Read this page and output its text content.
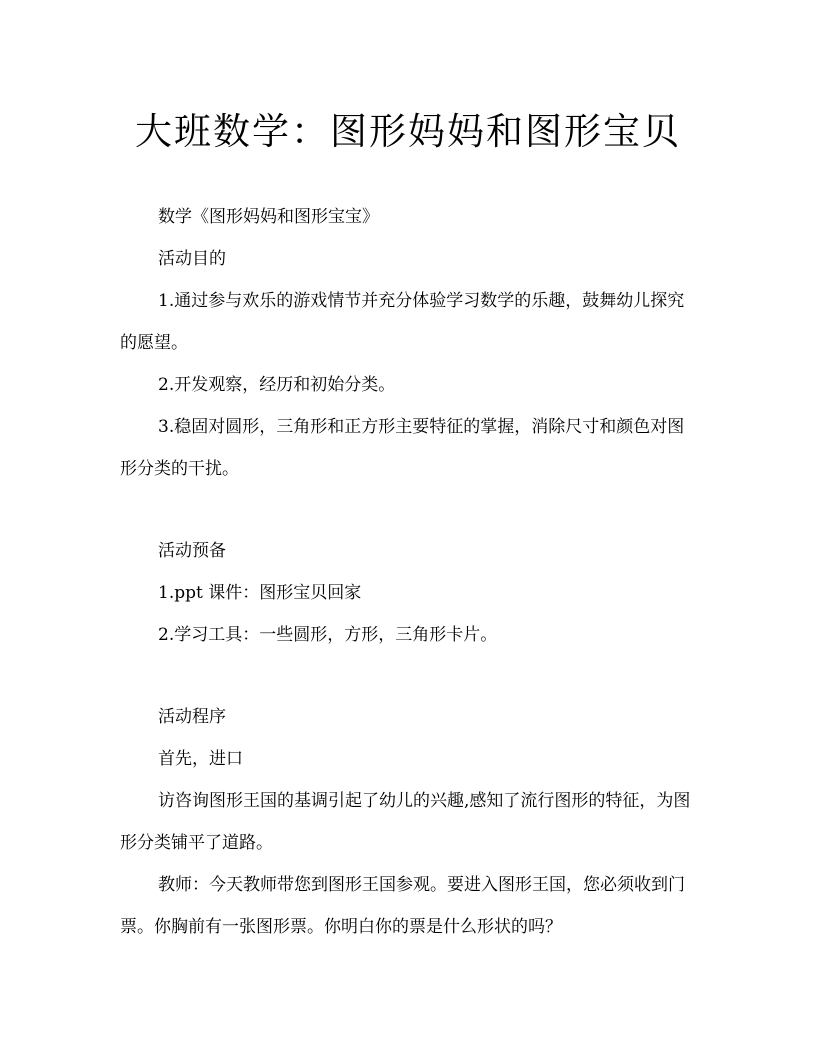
大班数学：图形妈妈和图形宝贝
数学《图形妈妈和图形宝宝》
活动目的
1.通过参与欢乐的游戏情节并充分体验学习数学的乐趣，鼓舞幼儿探究的愿望。
2.开发观察，经历和初始分类。
3.稳固对圆形，三角形和正方形主要特征的掌握，消除尺寸和颜色对图形分类的干扰。
活动预备
1.ppt 课件：图形宝贝回家
2.学习工具：一些圆形，方形，三角形卡片。
活动程序
首先，进口
访咨询图形王国的基调引起了幼儿的兴趣,感知了流行图形的特征，为图形分类铺平了道路。
教师：今天教师带您到图形王国参观。要进入图形王国，您必须收到门票。你胸前有一张图形票。你明白你的票是什么形状的吗？
